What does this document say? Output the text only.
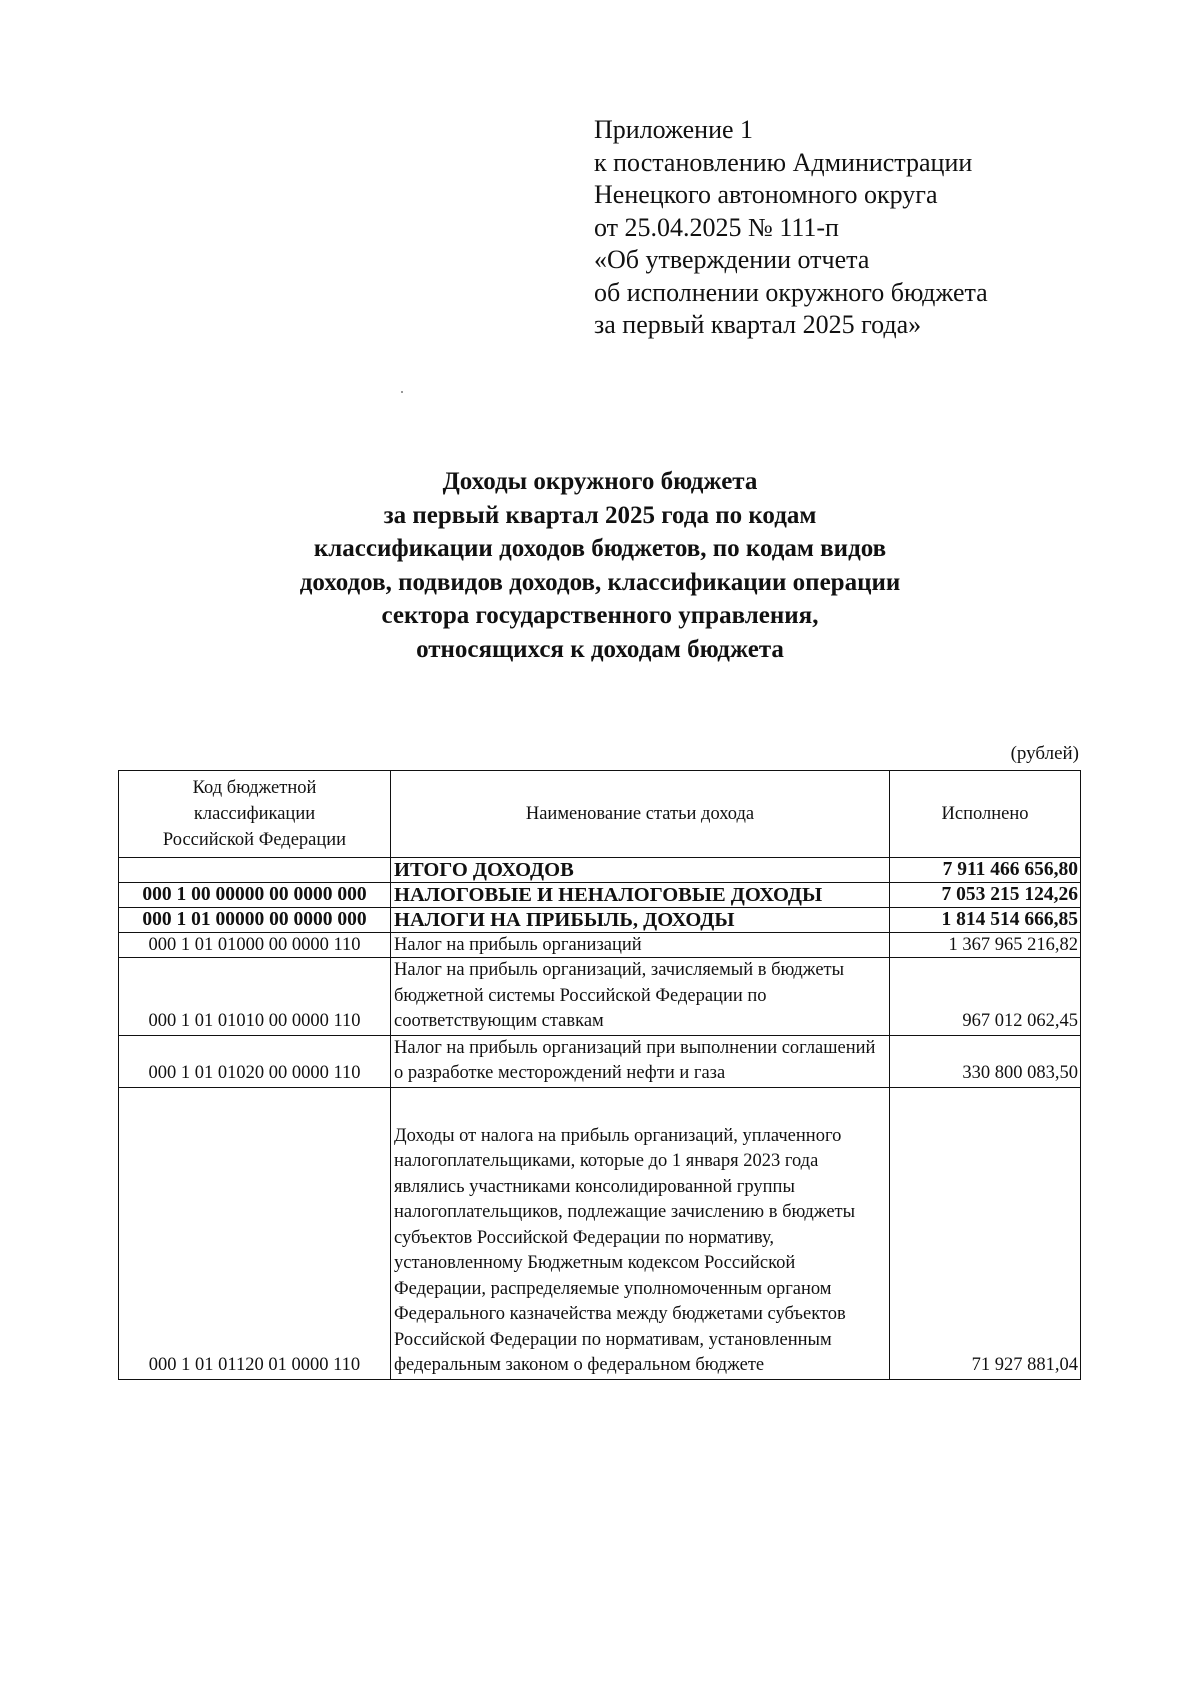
Приложение 1
к постановлению Администрации
Ненецкого автономного округа
от 25.04.2025 № 111-п
«Об утверждении отчета
об исполнении окружного бюджета
за первый квартал 2025 года»
Доходы окружного бюджета
за первый квартал 2025 года по кодам
классификации доходов бюджетов, по кодам видов
доходов, подвидов доходов, классификации операции
сектора государственного управления,
относящихся к доходам бюджета
(рублей)
Код бюджетной классификации Российской Федерации	Наименование статьи дохода	Исполнено
	ИТОГО ДОХОДОВ	7 911 466 656,80
000 1 00 00000 00 0000 000	НАЛОГОВЫЕ И НЕНАЛОГОВЫЕ ДОХОДЫ	7 053 215 124,26
000 1 01 00000 00 0000 000	НАЛОГИ НА ПРИБЫЛЬ, ДОХОДЫ	1 814 514 666,85
000 1 01 01000 00 0000 110	Налог на прибыль организаций	1 367 965 216,82
000 1 01 01010 00 0000 110	Налог на прибыль организаций, зачисляемый в бюджеты бюджетной системы Российской Федерации по соответствующим ставкам	967 012 062,45
000 1 01 01020 00 0000 110	Налог на прибыль организаций при выполнении соглашений о разработке месторождений нефти и газа	330 800 083,50
000 1 01 01120 01 0000 110	Доходы от налога на прибыль организаций, уплаченного налогоплательщиками, которые до 1 января 2023 года являлись участниками консолидированной группы налогоплательщиков, подлежащие зачислению в бюджеты субъектов Российской Федерации по нормативу, установленному Бюджетным кодексом Российской Федерации, распределяемые уполномоченным органом Федерального казначейства между бюджетами субъектов Российской Федерации по нормативам, установленным федеральным законом о федеральном бюджете	71 927 881,04
